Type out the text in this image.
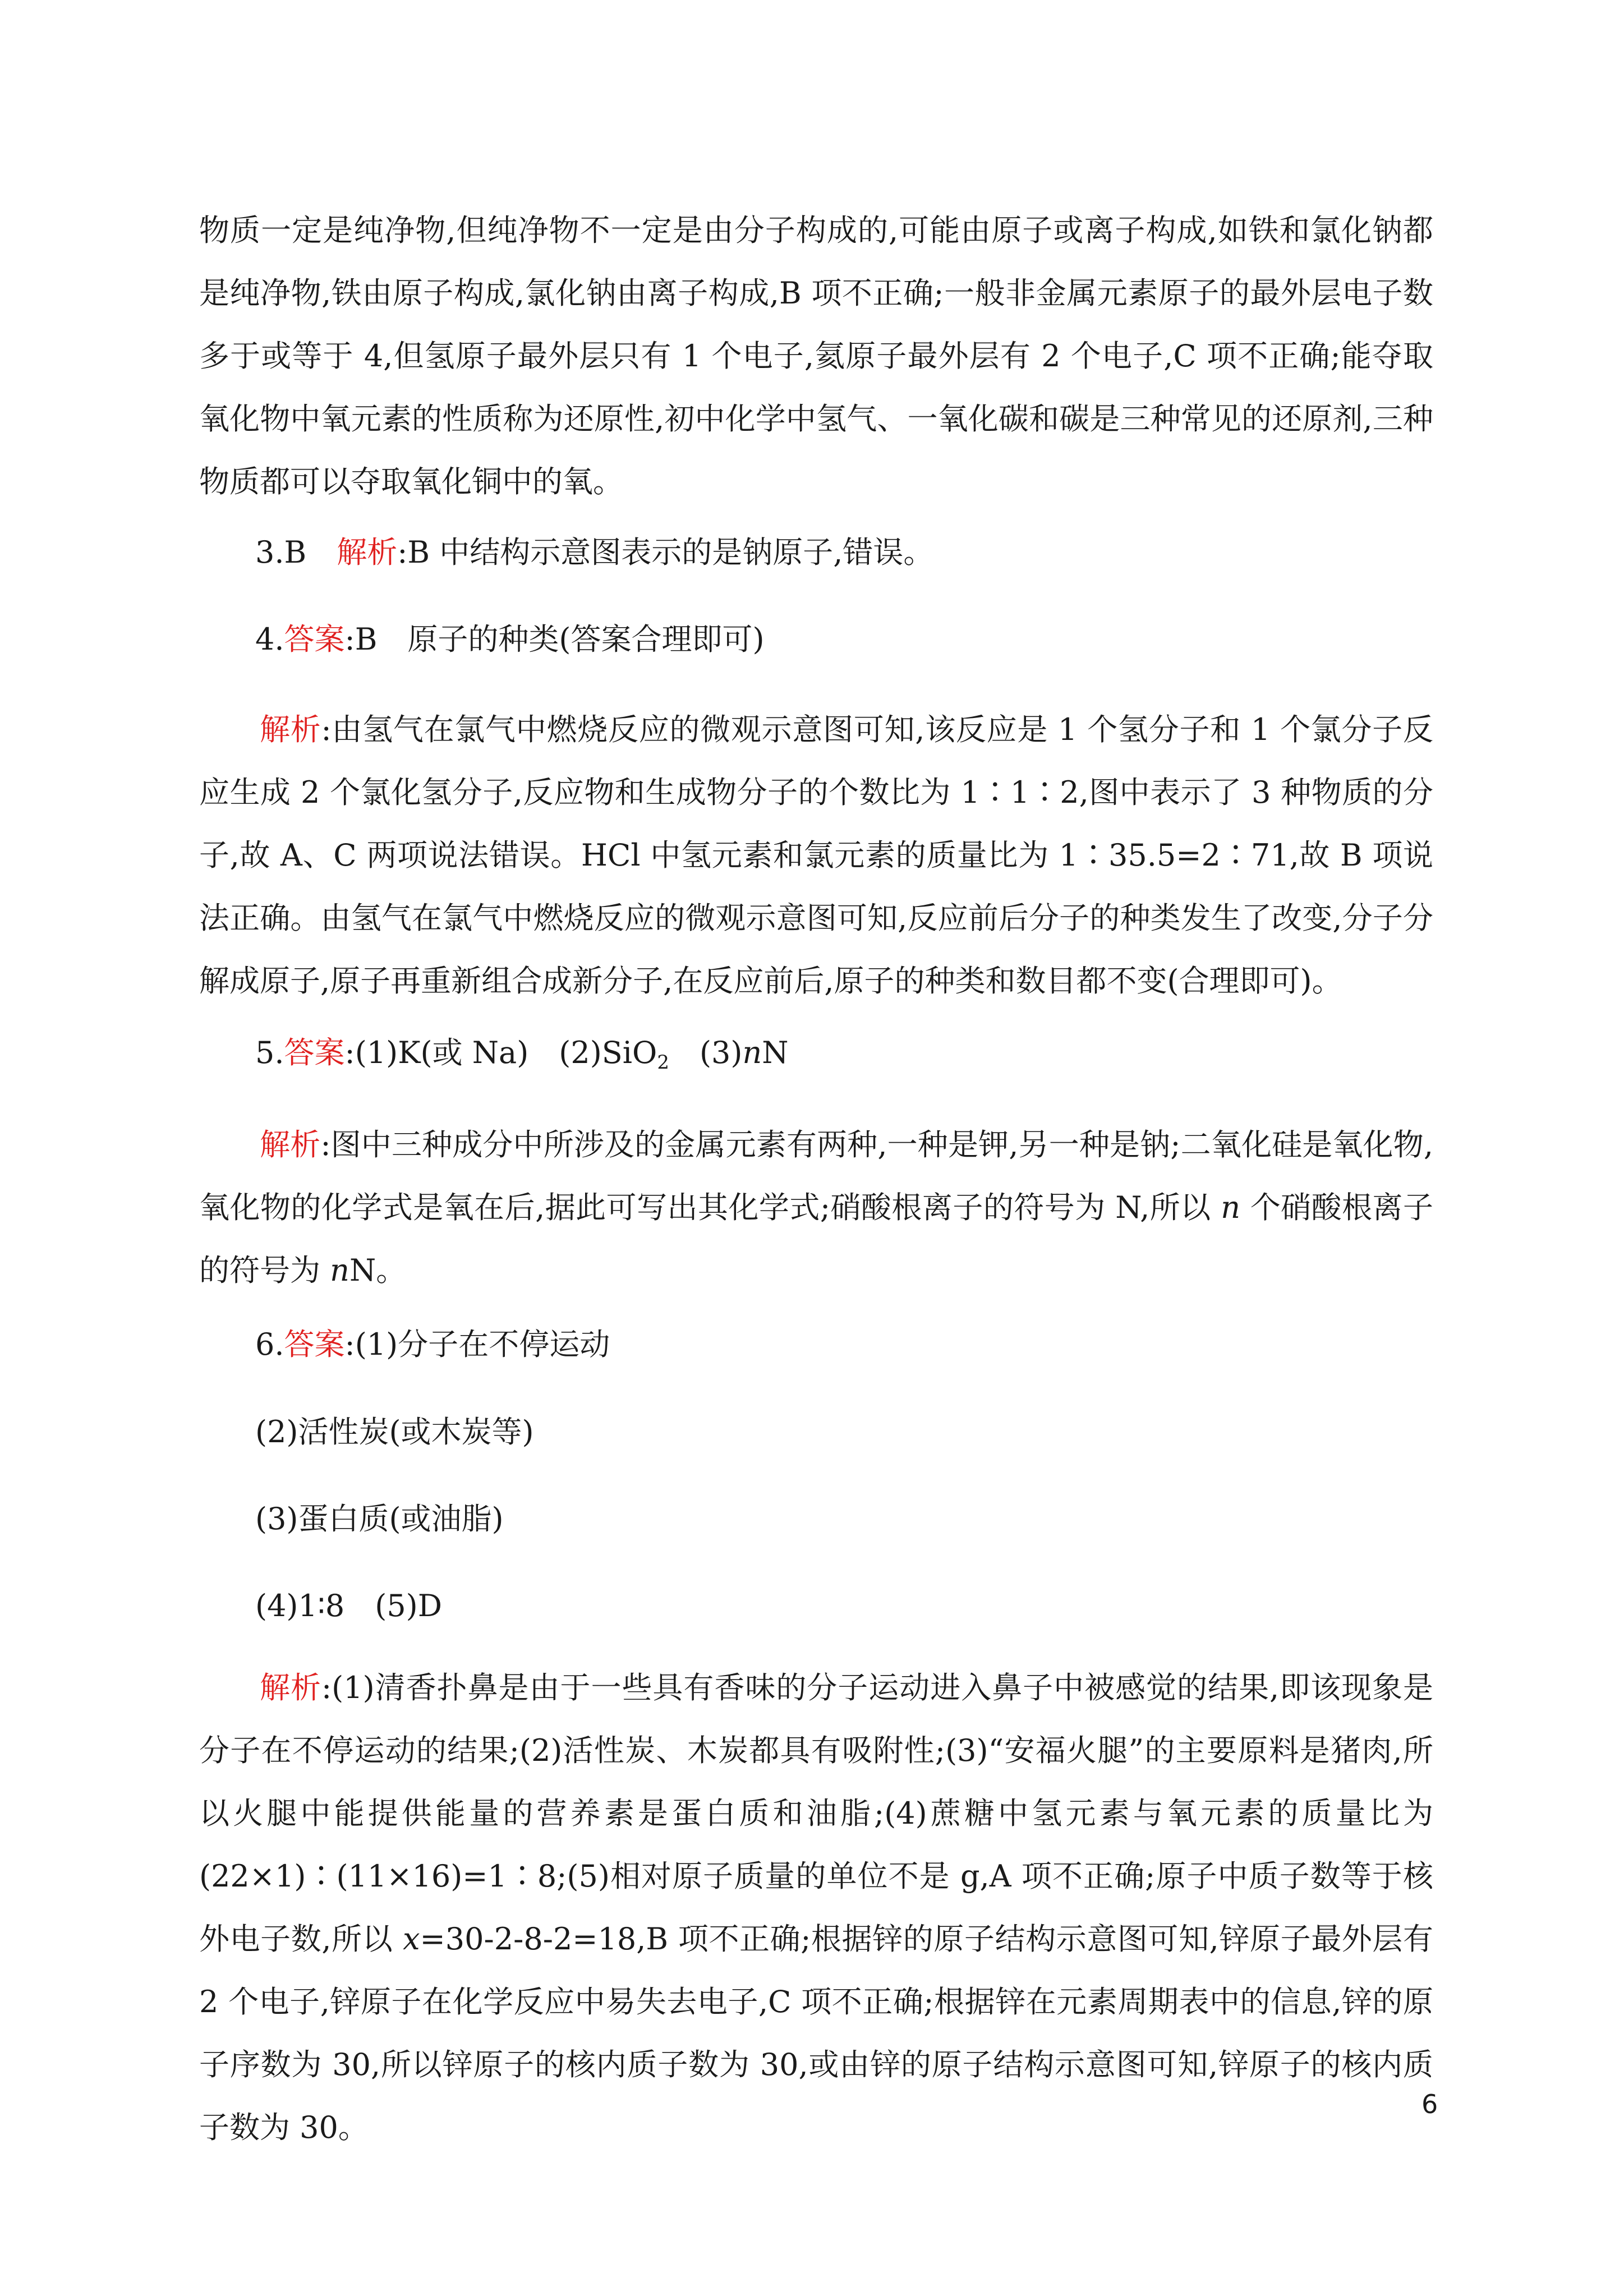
物质一定是纯净物,但纯净物不一定是由分子构成的,可能由原子或离子构成,如铁和氯化钠都是纯净物,铁由原子构成,氯化钠由离子构成,B 项不正确;一般非金属元素原子的最外层电子数多于或等于 4,但氢原子最外层只有 1 个电子,氦原子最外层有 2 个电子,C 项不正确;能夺取氧化物中氧元素的性质称为还原性,初中化学中氢气、一氧化碳和碳是三种常见的还原剂,三种物质都可以夺取氧化铜中的氧。

3.B　 解析:B 中结构示意图表示的是钠原子,错误。

4.答案:B　原子的种类(答案合理即可)

解析:由氢气在氯气中燃烧反应的微观示意图可知,该反应是 1 个氢分子和 1 个氯分子反应生成 2 个氯化氢分子,反应物和生成物分子的个数比为 1∶1∶2,图中表示了 3 种物质的分子,故 A、C 两项说法错误。HCl 中氢元素和氯元素的质量比为 1∶35.5=2∶71,故 B 项说法正确。由氢气在氯气中燃烧反应的微观示意图可知,反应前后分子的种类发生了改变,分子分解成原子,原子再重新组合成新分子,在反应前后,原子的种类和数目都不变(合理即可)。

5.答案:(1)K(或 Na)　(2)SiO$_2$　(3)nN

解析:图中三种成分中所涉及的金属元素有两种,一种是钾,另一种是钠;二氧化硅是氧化物,氧化物的化学式是氧在后,据此可写出其化学式;硝酸根离子的符号为 N,所以 n 个硝酸根离子的符号为 nN。

6.答案:(1)分子在不停运动

(2)活性炭(或木炭等)

(3)蛋白质(或油脂)

(4)1∶8　(5)D

解析:(1)清香扑鼻是由于一些具有香味的分子运动进入鼻子中被感觉的结果,即该现象是分子在不停运动的结果;(2)活性炭、木炭都具有吸附性;(3)“安福火腿”的主要原料是猪肉,所以火腿中能提供能量的营养素是蛋白质和油脂;(4)蔗糖中氢元素与氧元素的质量比为(22×1)∶(11×16)=1∶8;(5)相对原子质量的单位不是 g,A 项不正确;原子中质子数等于核外电子数,所以 x=30-2-8-2=18,B 项不正确;根据锌的原子结构示意图可知,锌原子最外层有 2 个电子,锌原子在化学反应中易失去电子,C 项不正确;根据锌在元素周期表中的信息,锌的原子序数为 30,所以锌原子的核内质子数为 30,或由锌的原子结构示意图可知,锌原子的核内质子数为 30。

6
